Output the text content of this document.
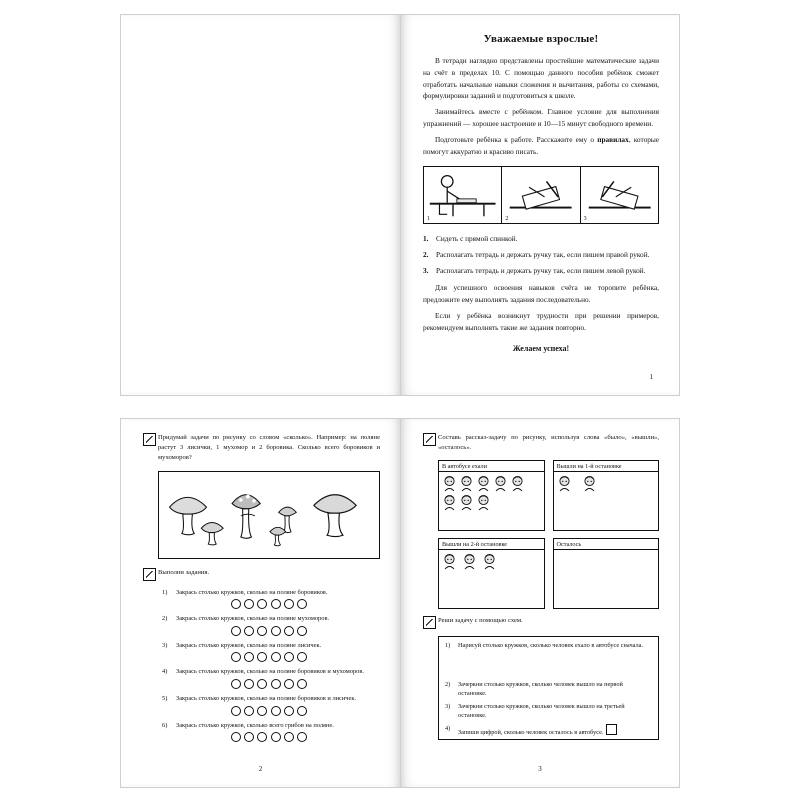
Уважаемые взрослые!

В тетради наглядно представлены простейшие математические задачи на счёт в пределах 10. С помощью данного пособия ребёнок сможет отработать начальные навыки сложения и вычитания, работы со схемами, формулировки заданий и подготовиться к школе.

Занимайтесь вместе с ребёнком. Главное условие для выполнения упражнений — хорошее настроение и 10—15 минут свободного времени.

Подготовьте ребёнка к работе. Расскажите ему о правилах, которые помогут аккуратно и красиво писать.

1	2	3
1.	Сидеть с прямой спинкой.
2.	Располагать тетрадь и держать ручку так, если пишем правой рукой.
3.	Располагать тетрадь и держать ручку так, если пишем левой рукой.

Для успешного освоения навыков счёта не торопите ребёнка, предложите ему выполнять задания последовательно.

Если у ребёнка возникнут трудности при решении примеров, рекомендуем выполнять такие же задания повторно.

Желаем успеха!
1
Придумай задачи по рисунку со словом «сколько». Например: на поляне растут 3 лисички, 1 мухомор и 2 боровика. Сколько всего боровиков и мухоморов?
Выполни задания.
1)	Закрась столько кружков, сколько на поляне боровиков.
2)	Закрась столько кружков, сколько на поляне мухоморов.
3)	Закрась столько кружков, сколько на поляне лисичек.
4)	Закрась столько кружков, сколько на поляне боровиков и мухоморов.
5)	Закрась столько кружков, сколько на поляне боровиков и лисичек.
6)	Закрась столько кружков, сколько всего грибов на поляне.
2
Составь рассказ-задачу по рисунку, используя слова «было», «вышли», «осталось».
В автобусе ехали	Вышли на 1-й остановке
Вышли на 2-й остановке	Осталось
Реши задачу с помощью схем.
1)	Нарисуй столько кружков, сколько человек ехало в автобусе сначала.
2)	Зачеркни столько кружков, сколько человек вышло на первой остановке.
3)	Зачеркни столько кружков, сколько человек вышло на третьей остановке.
4)
Запиши цифрой, сколько человек осталось в автобусе.
3
